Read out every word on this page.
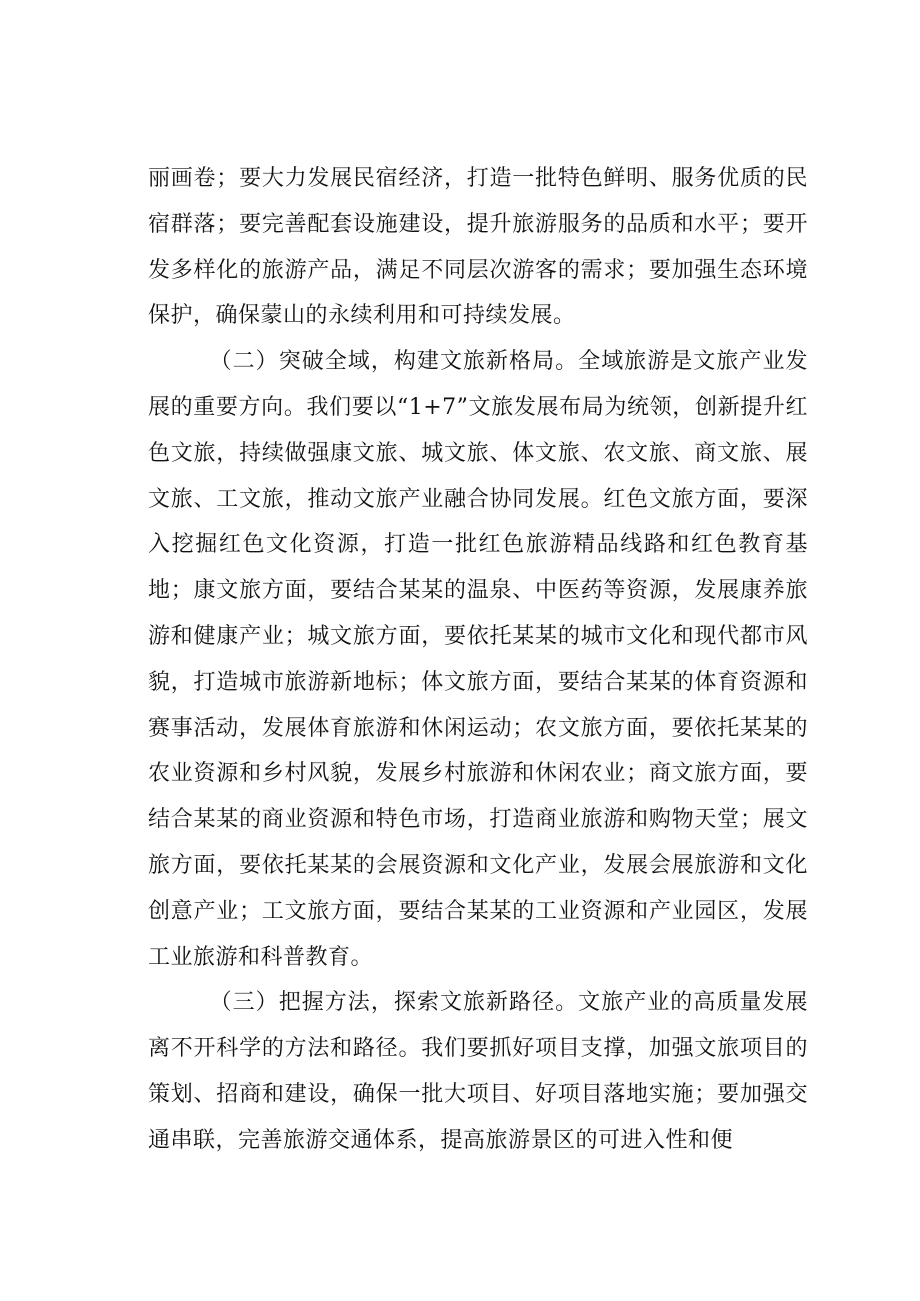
丽画卷；要大力发展民宿经济，打造一批特色鲜明、服务优质的民宿群落；要完善配套设施建设，提升旅游服务的品质和水平；要开发多样化的旅游产品，满足不同层次游客的需求；要加强生态环境保护，确保蒙山的永续利用和可持续发展。

（二）突破全域，构建文旅新格局。全域旅游是文旅产业发展的重要方向。我们要以“1+7”文旅发展布局为统领，创新提升红色文旅，持续做强康文旅、城文旅、体文旅、农文旅、商文旅、展文旅、工文旅，推动文旅产业融合协同发展。红色文旅方面，要深入挖掘红色文化资源，打造一批红色旅游精品线路和红色教育基地；康文旅方面，要结合某某的温泉、中医药等资源，发展康养旅游和健康产业；城文旅方面，要依托某某的城市文化和现代都市风貌，打造城市旅游新地标；体文旅方面，要结合某某的体育资源和赛事活动，发展体育旅游和休闲运动；农文旅方面，要依托某某的农业资源和乡村风貌，发展乡村旅游和休闲农业；商文旅方面，要结合某某的商业资源和特色市场，打造商业旅游和购物天堂；展文旅方面，要依托某某的会展资源和文化产业，发展会展旅游和文化创意产业；工文旅方面，要结合某某的工业资源和产业园区，发展工业旅游和科普教育。

（三）把握方法，探索文旅新路径。文旅产业的高质量发展离不开科学的方法和路径。我们要抓好项目支撑，加强文旅项目的策划、招商和建设，确保一批大项目、好项目落地实施；要加强交通串联，完善旅游交通体系，提高旅游景区的可进入性和便
